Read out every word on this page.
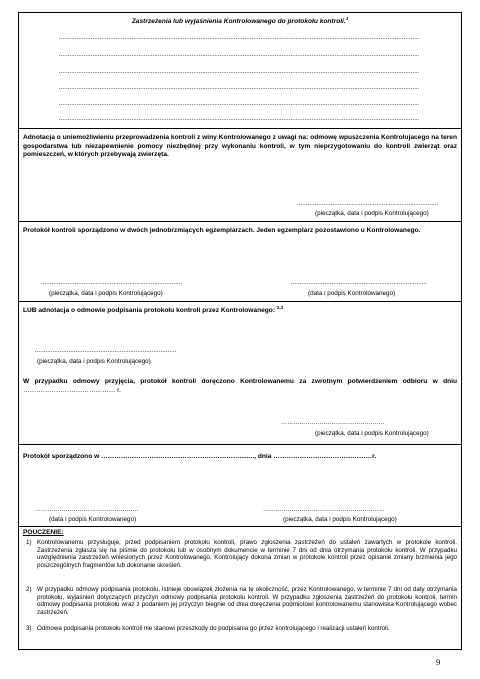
Zastrzeżenia lub wyjaśnienia Kontrolowanego do protokołu kontroli.$^1$
............................................................................................................................................................................................................
............................................................................................................................................................................................................
............................................................................................................................................................................................................
............................................................................................................................................................................................................
............................................................................................................................................................................................................
............................................................................................................................................................................................................
Adnotacja o uniemożliwieniu przeprowadzenia kontroli z winy Kontrolowanego z uwagi na: odmowę wpuszczenia Kontrolujacego na teren gospodarstwa lub niezapewnienie pomocy niezbędnej przy wykonaniu kontroli, w tym nieprzygotowaniu do kontroli zwierząt oraz pomieszczeń, w których przebywają zwierzęta.
................................................................................
(pieczątka, data i podpis Kontrolującego)
Protokół kontroli sporządzono w dwóch jednobrzmiących egzemplarzach. Jeden egzemplarz pozostawiono u Kontrolowanego.
................................................................................
(pieczątka, data i podpis Kontrolującego)
.............................................................................
(data i podpis Kontrolowanego)
LUB adnotacja o odmowie podpisania protokołu kontroli przez Kontrolowanego: $^{2,3}$
................................................................................
(pieczątka, data i podpis Kontrolującego)
W przypadku odmowy przyjęcia, protokół kontroli doręczono Kontrolowanemu za zwrotnym potwierdzeniem odbioru w dniu …………………………………… r.
……………………………………………
(pieczątka, data i podpis Kontrolującego)
Protokół sporządzono w ………………………………………………………........, dnia ………………………………………r.
……………………………………………
(data i podpis Kontrolowanego)
……………………………………………………
(pieczątka, data i podpis Kontrolującego)
POUCZENIE:
1) Kontrolowanemu przysługuje, przed podpisaniem protokołu kontroli, prawo zgłoszenia zastrzeżeń do ustaleń zawartych w protokole kontroli. Zastrzeżenia zgłasza się na piśmie do protokołu lub w osobnym dokumencie w terminie 7 dni od dnia otrzymania protokołu kontroli. W przypadku uwzględnienia zastrzeżeń wniesionych przez Kontrolowanego, Kontrolujący dokona zmian w protokole kontroli przez opisanie zmiany brzmienia jego poszczególnych fragmentów lub dokonanie skreśleń.
2) W przypadku odmowy podpisania protokołu, istnieje obowiązek złożenia na tę okoliczność, przez Kontrolowanego, w terminie 7 dni od daty otrzymania protokołu, wyjaśnień dotyczących przyczyn odmowy podpisania protokołu kontroli. W przypadku zgłoszenia zastrzeżeń do protokołu kontroli, termin odmowy podpisania protokołu wraz z podaniem jej przyczyn biegnie od dnia doręczenia podmiotowi kontrolowanemu stanowiska Kontrolującego wobec zastrzeżeń.
3) Odmowa podpisania protokołu kontroli nie stanowi przeszkody do podpisania go przez kontrolującego i realizacji ustaleń kontroli.
9
